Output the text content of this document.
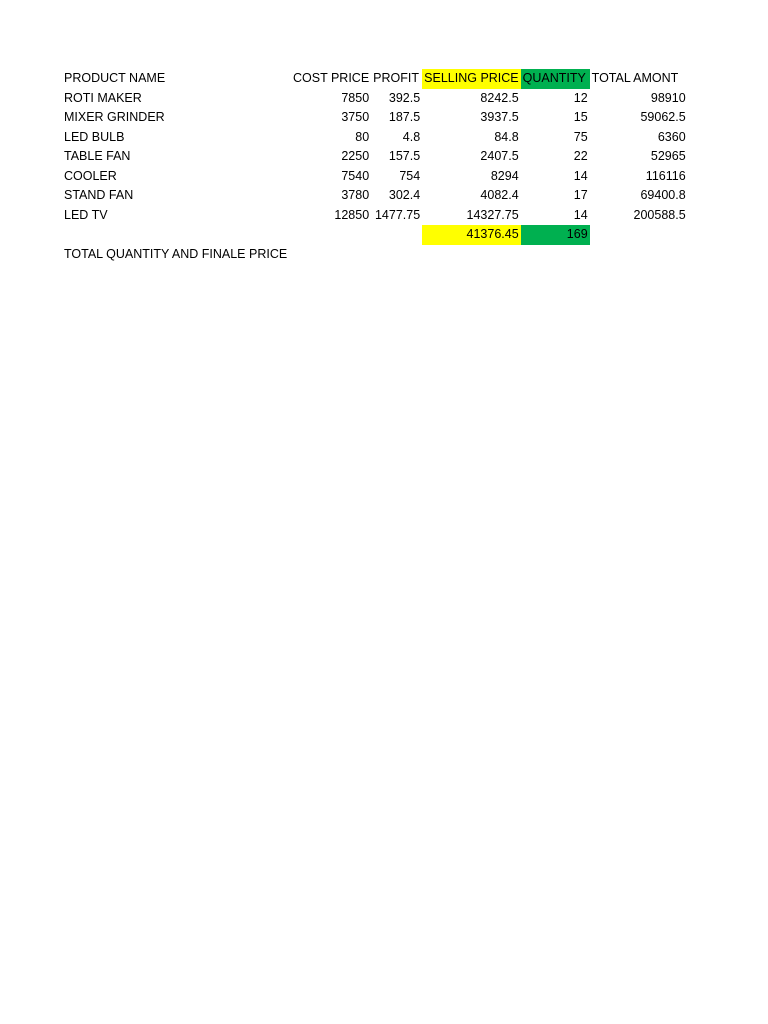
PRODUCT NAME	COST PRICE	PROFIT	SELLING PRICE	QUANTITY	TOTAL AMONT
ROTI MAKER	7850	392.5	8242.5	12	98910
MIXER GRINDER	3750	187.5	3937.5	15	59062.5
LED BULB	80	4.8	84.8	75	6360
TABLE FAN	2250	157.5	2407.5	22	52965
COOLER	7540	754	8294	14	116116
STAND FAN	3780	302.4	4082.4	17	69400.8
LED TV	12850	1477.75	14327.75	14	200588.5
			41376.45	169	
TOTAL QUANTITY AND FINALE PRICE					
